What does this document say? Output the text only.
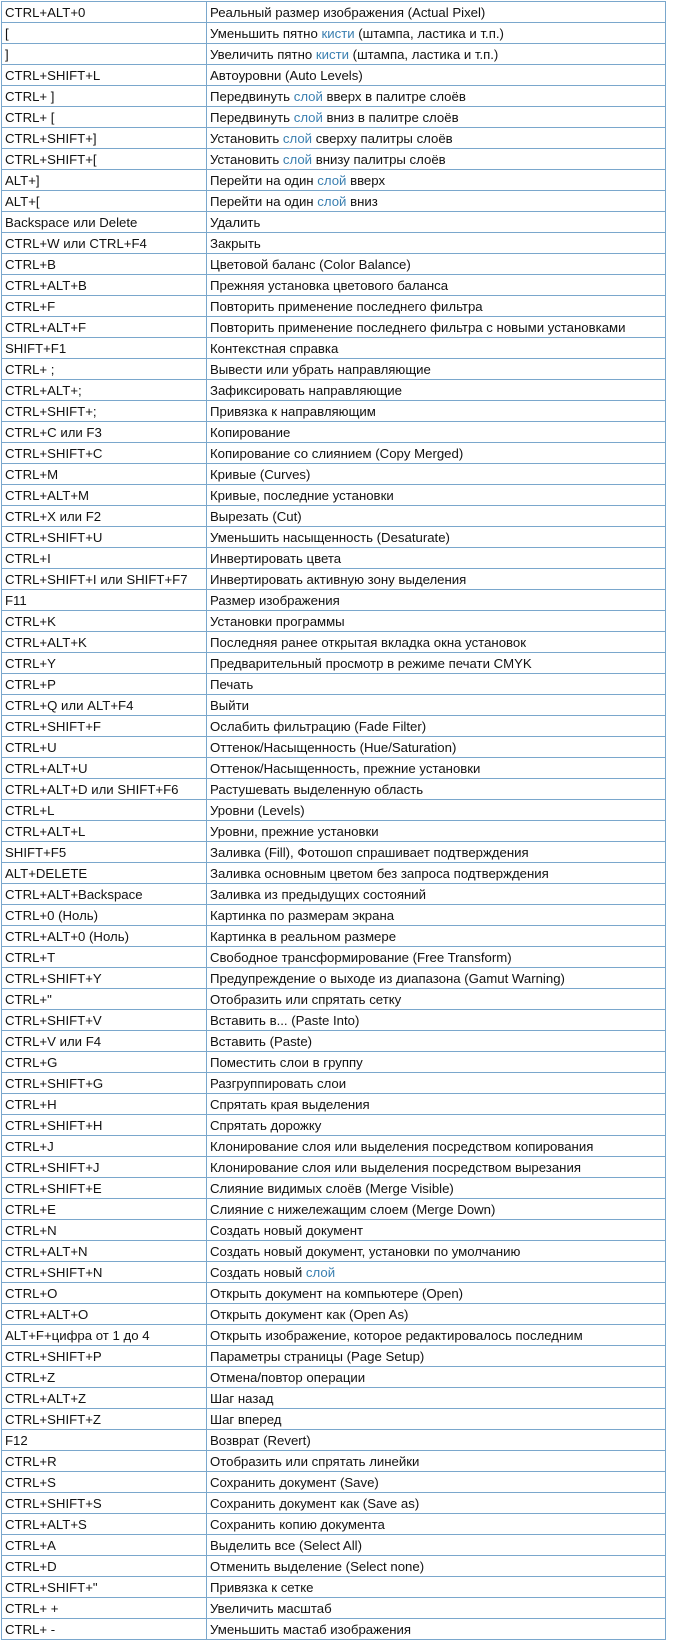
CTRL+ALT+0	Реальный размер изображения (Actual Pixel)
[	Уменьшить пятно кисти (штампа, ластика и т.п.)
]	Увеличить пятно кисти (штампа, ластика и т.п.)
CTRL+SHIFT+L	Автоуровни (Auto Levels)
CTRL+ ]	Передвинуть слой вверх в палитре слоёв
CTRL+ [	Передвинуть слой вниз в палитре слоёв
CTRL+SHIFT+]	Установить слой сверху палитры слоёв
CTRL+SHIFT+[	Установить слой внизу палитры слоёв
ALT+]	Перейти на один слой вверх
ALT+[	Перейти на один слой вниз
Backspace или Delete	Удалить
CTRL+W или CTRL+F4	Закрыть
CTRL+B	Цветовой баланс (Color Balance)
CTRL+ALT+B	Прежняя установка цветового баланса
CTRL+F	Повторить применение последнего фильтра
CTRL+ALT+F	Повторить применение последнего фильтра с новыми установками
SHIFT+F1	Контекстная справка
CTRL+ ;	Вывести или убрать направляющие
CTRL+ALT+;	Зафиксировать направляющие
CTRL+SHIFT+;	Привязка к направляющим
CTRL+C или F3	Копирование
CTRL+SHIFT+C	Копирование со слиянием (Copy Merged)
CTRL+M	Кривые (Curves)
CTRL+ALT+M	Кривые, последние установки
CTRL+X или F2	Вырезать (Cut)
CTRL+SHIFT+U	Уменьшить насыщенность (Desaturate)
CTRL+I	Инвертировать цвета
CTRL+SHIFT+I или SHIFT+F7	Инвертировать активную зону выделения
F11	Размер изображения
CTRL+K	Установки программы
CTRL+ALT+K	Последняя ранее открытая вкладка окна установок
CTRL+Y	Предварительный просмотр в режиме печати CMYK
CTRL+P	Печать
CTRL+Q или ALT+F4	Выйти
CTRL+SHIFT+F	Ослабить фильтрацию (Fade Filter)
CTRL+U	Оттенок/Насыщенность (Hue/Saturation)
CTRL+ALT+U	Оттенок/Насыщенность, прежние установки
CTRL+ALT+D или SHIFT+F6	Растушевать выделенную область
CTRL+L	Уровни (Levels)
CTRL+ALT+L	Уровни, прежние установки
SHIFT+F5	Заливка (Fill), Фотошоп спрашивает подтверждения
ALT+DELETE	Заливка основным цветом без запроса подтверждения
CTRL+ALT+Backspace	Заливка из предыдущих состояний
CTRL+0 (Ноль)	Картинка по размерам экрана
CTRL+ALT+0 (Ноль)	Картинка в реальном размере
CTRL+T	Свободное трансформирование (Free Transform)
CTRL+SHIFT+Y	Предупреждение о выходе из диапазона (Gamut Warning)
CTRL+"	Отобразить или спрятать сетку
CTRL+SHIFT+V	Вставить в... (Paste Into)
CTRL+V или F4	Вставить (Paste)
CTRL+G	Поместить слои в группу
CTRL+SHIFT+G	Разгруппировать слои
CTRL+H	Спрятать края выделения
CTRL+SHIFT+H	Спрятать дорожку
CTRL+J	Клонирование слоя или выделения посредством копирования
CTRL+SHIFT+J	Клонирование слоя или выделения посредством вырезания
CTRL+SHIFT+E	Слияние видимых слоёв (Merge Visible)
CTRL+E	Слияние с нижележащим слоем (Merge Down)
CTRL+N	Создать новый документ
CTRL+ALT+N	Создать новый документ, установки по умолчанию
CTRL+SHIFT+N	Создать новый слой
CTRL+O	Открыть документ на компьютере (Open)
CTRL+ALT+O	Открыть документ как (Open As)
ALT+F+цифра от 1 до 4	Открыть изображение, которое редактировалось последним
CTRL+SHIFT+P	Параметры страницы (Page Setup)
CTRL+Z	Отмена/повтор операции
CTRL+ALT+Z	Шаг назад
CTRL+SHIFT+Z	Шаг вперед
F12	Возврат (Revert)
CTRL+R	Отобразить или спрятать линейки
CTRL+S	Сохранить документ (Save)
CTRL+SHIFT+S	Сохранить документ как (Save as)
CTRL+ALT+S	Сохранить копию документа
CTRL+A	Выделить все (Select All)
CTRL+D	Отменить выделение (Select none)
CTRL+SHIFT+"	Привязка к сетке
CTRL+ +	Увеличить масштаб
CTRL+ -	Уменьшить мастаб изображения
